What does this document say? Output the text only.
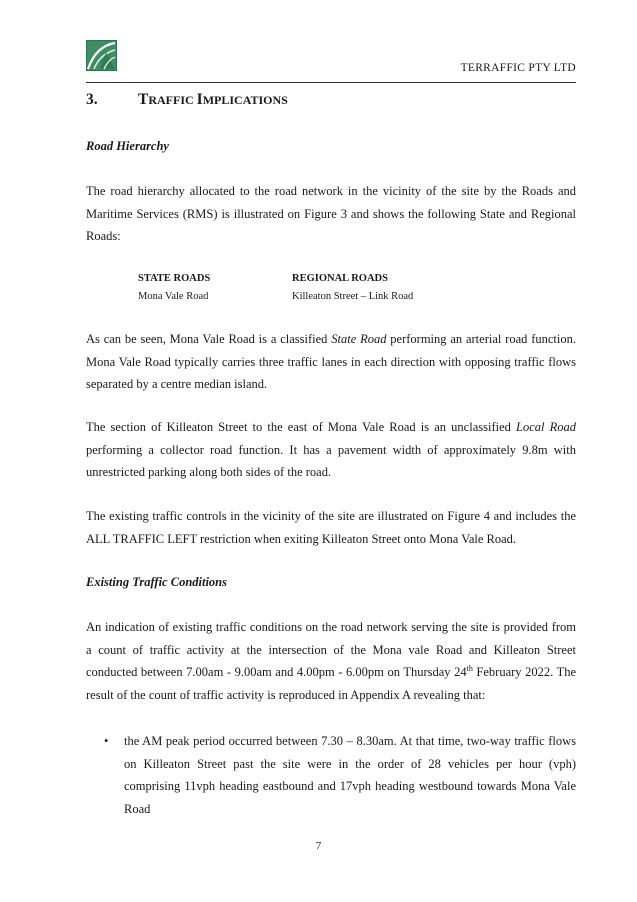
TERRAFFIC PTY LTD
3.	TRAFFIC IMPLICATIONS
Road Hierarchy

The road hierarchy allocated to the road network in the vicinity of the site by the Roads and Maritime Services (RMS) is illustrated on Figure 3 and shows the following State and Regional Roads:

STATE ROADS	REGIONAL ROADS
Mona Vale Road	Killeaton Street – Link Road

As can be seen, Mona Vale Road is a classified State Road performing an arterial road function. Mona Vale Road typically carries three traffic lanes in each direction with opposing traffic flows separated by a centre median island.

The section of Killeaton Street to the east of Mona Vale Road is an unclassified Local Road performing a collector road function. It has a pavement width of approximately 9.8m with unrestricted parking along both sides of the road.

The existing traffic controls in the vicinity of the site are illustrated on Figure 4 and includes the ALL TRAFFIC LEFT restriction when exiting Killeaton Street onto Mona Vale Road.

Existing Traffic Conditions

An indication of existing traffic conditions on the road network serving the site is provided from a count of traffic activity at the intersection of the Mona vale Road and Killeaton Street conducted between 7.00am - 9.00am and 4.00pm - 6.00pm on Thursday 24th February 2022. The result of the count of traffic activity is reproduced in Appendix A revealing that:

•	the AM peak period occurred between 7.30 – 8.30am. At that time, two-way traffic flows on Killeaton Street past the site were in the order of 28 vehicles per hour (vph) comprising 11vph heading eastbound and 17vph heading westbound towards Mona Vale Road
7
